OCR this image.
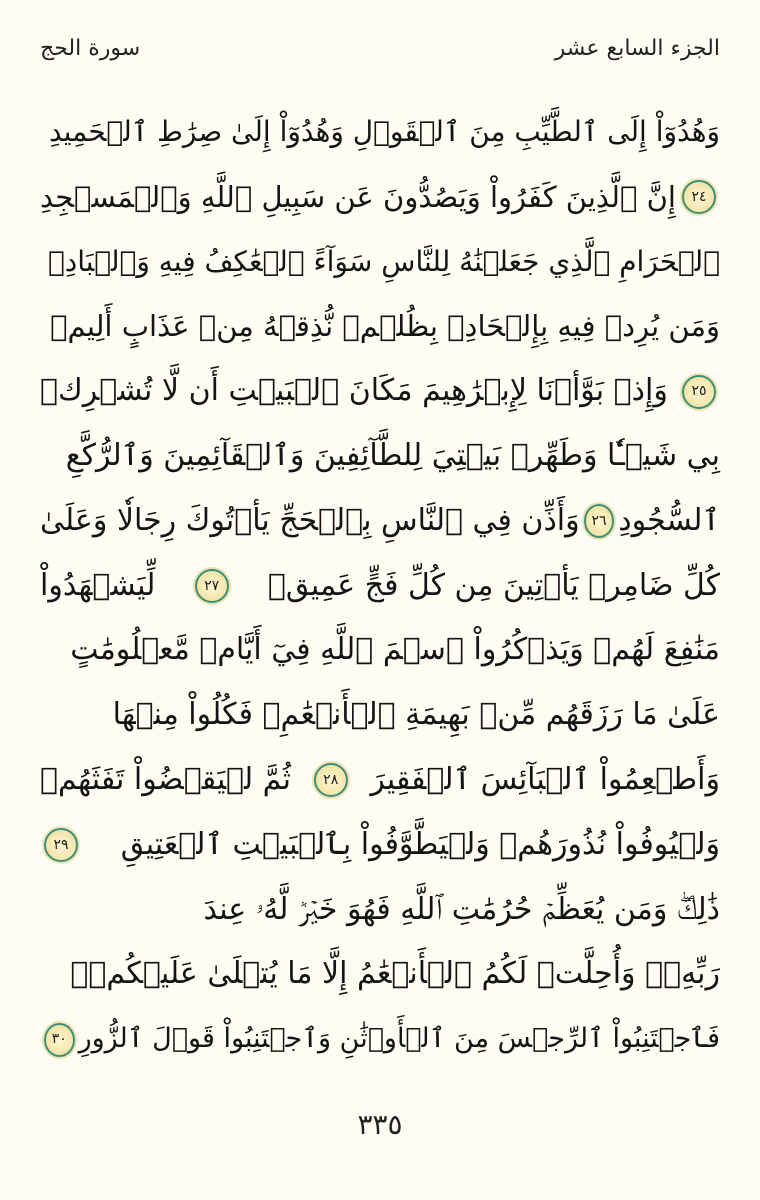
سورة الحج	الجزء السابع عشر
وَهُدُوٓاْ إِلَى ٱلطَّيِّبِ مِنَ ٱلۡقَوۡلِ وَهُدُوٓاْ إِلَىٰ صِرَٰطِ ٱلۡحَمِيدِ
٢٤
إِنَّ ٱلَّذِينَ كَفَرُواْ وَيَصُدُّونَ عَن سَبِيلِ ٱللَّهِ وَٱلۡمَسۡجِدِ
ٱلۡحَرَامِ ٱلَّذِي جَعَلۡنَٰهُ لِلنَّاسِ سَوَآءً ٱلۡعَٰكِفُ فِيهِ وَٱلۡبَادِۚ
وَمَن يُرِدۡ فِيهِ بِإِلۡحَادِۭ بِظُلۡمٖ نُّذِقۡهُ مِنۡ عَذَابٍ أَلِيمٖ
٢٥
وَإِذۡ بَوَّأۡنَا لِإِبۡرَٰهِيمَ مَكَانَ ٱلۡبَيۡتِ أَن لَّا تُشۡرِكۡ
بِي شَيۡـٔٗا وَطَهِّرۡ بَيۡتِيَ لِلطَّآئِفِينَ وَٱلۡقَآئِمِينَ وَٱلرُّكَّعِ
ٱلسُّجُودِ
٢٦
وَأَذِّن فِي ٱلنَّاسِ بِٱلۡحَجِّ يَأۡتُوكَ رِجَالٗا وَعَلَىٰ
كُلِّ ضَامِرٖ يَأۡتِينَ مِن كُلِّ فَجٍّ عَمِيقٖ
٢٧
لِّيَشۡهَدُواْ
مَنَٰفِعَ لَهُمۡ وَيَذۡكُرُواْ ٱسۡمَ ٱللَّهِ فِيٓ أَيَّامٖ مَّعۡلُومَٰتٍ
عَلَىٰ مَا رَزَقَهُم مِّنۢ بَهِيمَةِ ٱلۡأَنۡعَٰمِۖ فَكُلُواْ مِنۡهَا
وَأَطۡعِمُواْ ٱلۡبَآئِسَ ٱلۡفَقِيرَ
٢٨
ثُمَّ لۡيَقۡضُواْ تَفَثَهُمۡ
وَلۡيُوفُواْ نُذُورَهُمۡ وَلۡيَطَّوَّفُواْ بِٱلۡبَيۡتِ ٱلۡعَتِيقِ
٢٩
ذَٰلِكَۖ وَمَن يُعَظِّمۡ حُرُمَٰتِ ٱللَّهِ فَهُوَ خَيۡرٞ لَّهُۥ عِندَ
رَبِّهِۦۗ وَأُحِلَّتۡ لَكُمُ ٱلۡأَنۡعَٰمُ إِلَّا مَا يُتۡلَىٰ عَلَيۡكُمۡۖ
فَٱجۡتَنِبُواْ ٱلرِّجۡسَ مِنَ ٱلۡأَوۡثَٰنِ وَٱجۡتَنِبُواْ قَوۡلَ ٱلزُّورِ
٣٠
٣٣٥
